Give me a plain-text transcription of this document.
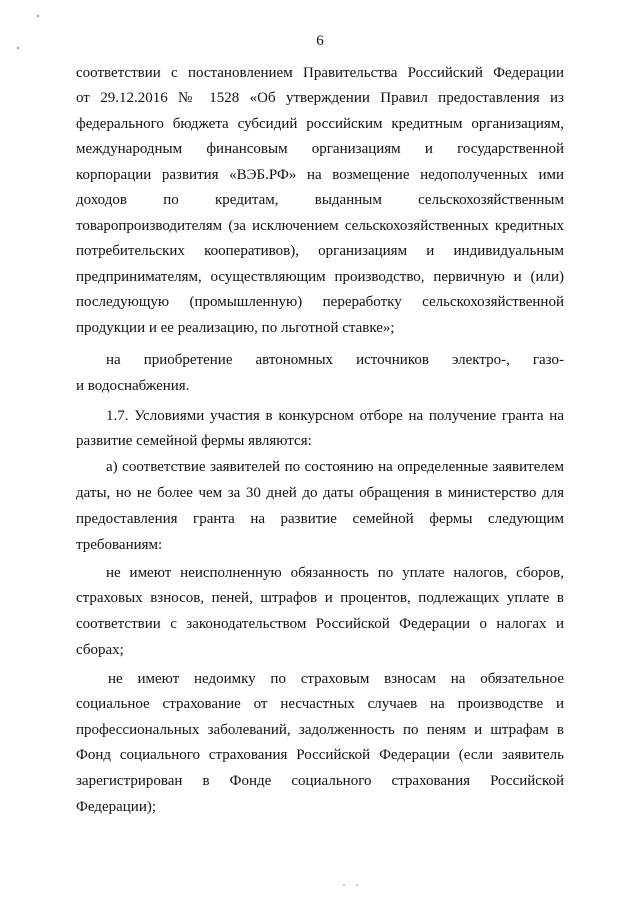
6
соответствии с постановлением Правительства Российский Федерации
от 29.12.2016 № 1528 «Об утверждении Правил предоставления из
федерального бюджета субсидий российским кредитным организациям,
международным финансовым организациям и государственной
корпорации развития «ВЭБ.РФ» на возмещение недополученных ими
доходов по кредитам, выданным сельскохозяйственным
товаропроизводителям (за исключением сельскохозяйственных кредитных
потребительских кооперативов), организациям и индивидуальным
предпринимателям, осуществляющим производство, первичную и (или)
последующую (промышленную) переработку сельскохозяйственной
продукции и ее реализацию, по льготной ставке»;
на приобретение автономных источников электро-, газо-
и водоснабжения.
1.7. Условиями участия в конкурсном отборе на получение гранта на
развитие семейной фермы являются:
а) соответствие заявителей по состоянию на определенные заявителем
даты, но не более чем за 30 дней до даты обращения в министерство для
предоставления гранта на развитие семейной фермы следующим
требованиям:
не имеют неисполненную обязанность по уплате налогов, сборов,
страховых взносов, пеней, штрафов и процентов, подлежащих уплате в
соответствии с законодательством Российской Федерации о налогах и
сборах;
не имеют недоимку по страховым взносам на обязательное
социальное страхование от несчастных случаев на производстве и
профессиональных заболеваний, задолженность по пеням и штрафам в
Фонд социального страхования Российской Федерации (если заявитель
зарегистрирован в Фонде социального страхования Российской
Федерации);
